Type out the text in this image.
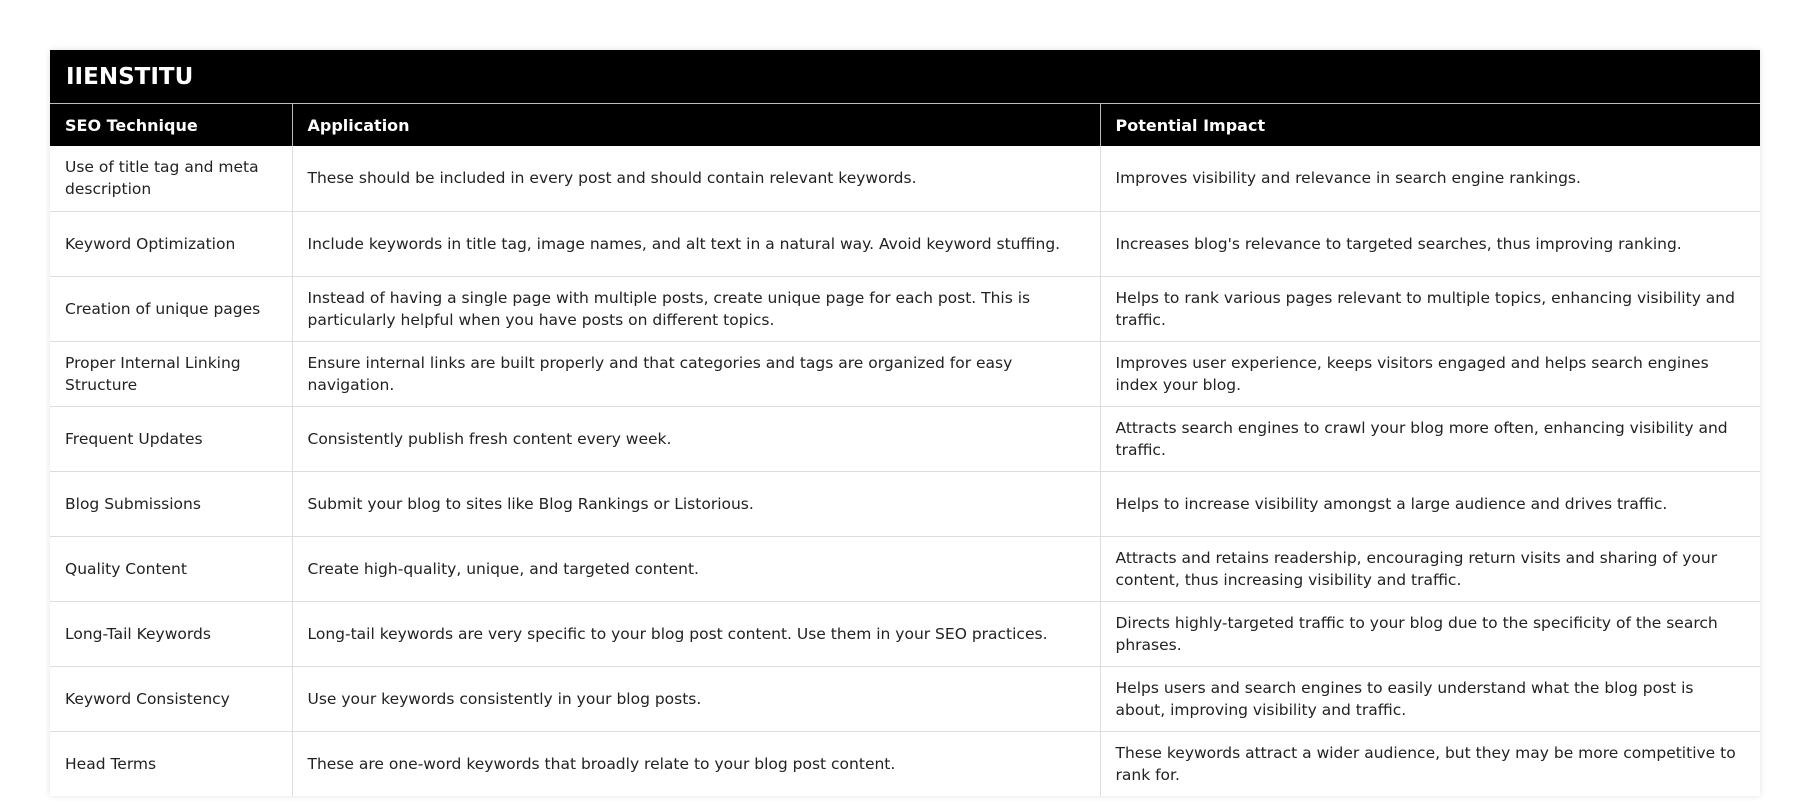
IIENSTITU
SEO Technique	Application	Potential Impact
Use of title tag and meta description	These should be included in every post and should contain relevant keywords.	Improves visibility and relevance in search engine rankings.
Keyword Optimization	Include keywords in title tag, image names, and alt text in a natural way. Avoid keyword stuffing.	Increases blog's relevance to targeted searches, thus improving ranking.
Creation of unique pages	Instead of having a single page with multiple posts, create unique page for each post. This is particularly helpful when you have posts on different topics.	Helps to rank various pages relevant to multiple topics, enhancing visibility and traffic.
Proper Internal Linking Structure	Ensure internal links are built properly and that categories and tags are organized for easy navigation.	Improves user experience, keeps visitors engaged and helps search engines index your blog.
Frequent Updates	Consistently publish fresh content every week.	Attracts search engines to crawl your blog more often, enhancing visibility and traffic.
Blog Submissions	Submit your blog to sites like Blog Rankings or Listorious.	Helps to increase visibility amongst a large audience and drives traffic.
Quality Content	Create high-quality, unique, and targeted content.	Attracts and retains readership, encouraging return visits and sharing of your content, thus increasing visibility and traffic.
Long-Tail Keywords	Long-tail keywords are very specific to your blog post content. Use them in your SEO practices.	Directs highly-targeted traffic to your blog due to the specificity of the search phrases.
Keyword Consistency	Use your keywords consistently in your blog posts.	Helps users and search engines to easily understand what the blog post is about, improving visibility and traffic.
Head Terms	These are one-word keywords that broadly relate to your blog post content.	These keywords attract a wider audience, but they may be more competitive to rank for.
